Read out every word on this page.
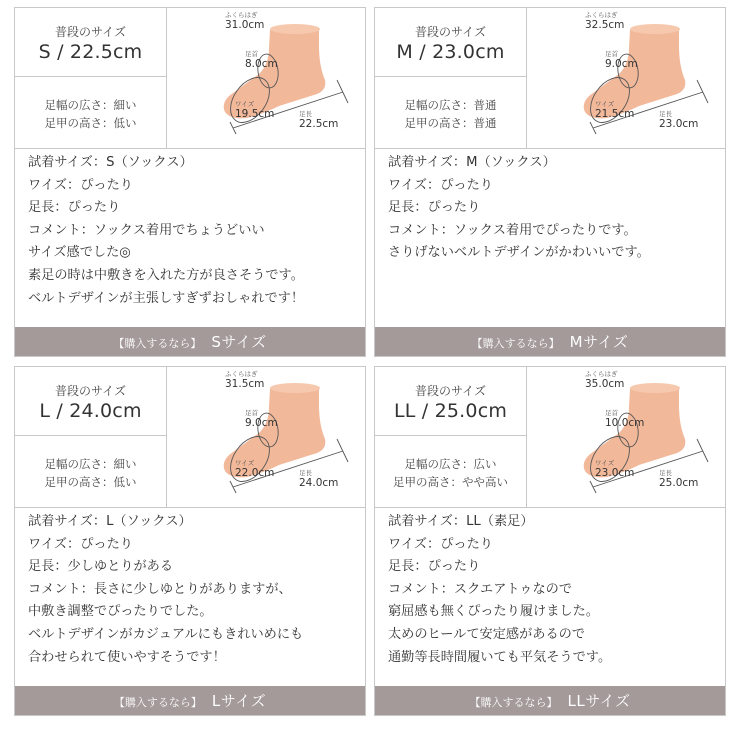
普段のサイズ
S / 22.5cm
足幅の広さ：細い
足甲の高さ：低い
ふくらはぎ
31.0cm
足首
8.0cm
ワイズ
19.5cm	足長
22.5cm
試着サイズ：S（ソックス）
ワイズ：ぴったり
足長：ぴったり
コメント：ソックス着用でちょうどいい
サイズ感でした◎
素足の時は中敷きを入れた方が良さそうです。
ベルトデザインが主張しすぎずおしゃれです！
【購入するなら】 Sサイズ
普段のサイズ
M / 23.0cm
足幅の広さ：普通
足甲の高さ：普通
ふくらはぎ
32.5cm
足首
9.0cm
ワイズ
21.5cm	足長
23.0cm
試着サイズ：M（ソックス）
ワイズ：ぴったり
足長：ぴったり
コメント：ソックス着用でぴったりです。
さりげないベルトデザインがかわいいです。
【購入するなら】 Mサイズ
普段のサイズ
L / 24.0cm
足幅の広さ：細い
足甲の高さ：低い
ふくらはぎ
31.5cm
足首
9.0cm
ワイズ
22.0cm	足長
24.0cm
試着サイズ：L（ソックス）
ワイズ：ぴったり
足長：少しゆとりがある
コメント：長さに少しゆとりがありますが、
中敷き調整でぴったりでした。
ベルトデザインがカジュアルにもきれいめにも
合わせられて使いやすそうです！
【購入するなら】 Lサイズ
普段のサイズ
LL / 25.0cm
足幅の広さ：広い
足甲の高さ：やや高い
ふくらはぎ
35.0cm
足首
10.0cm
ワイズ
23.0cm	足長
25.0cm
試着サイズ：LL（素足）
ワイズ：ぴったり
足長：ぴったり
コメント：スクエアトゥなので
窮屈感も無くぴったり履けました。
太めのヒールて安定感があるので
通勤等長時間履いても平気そうです。
【購入するなら】 LLサイズ
